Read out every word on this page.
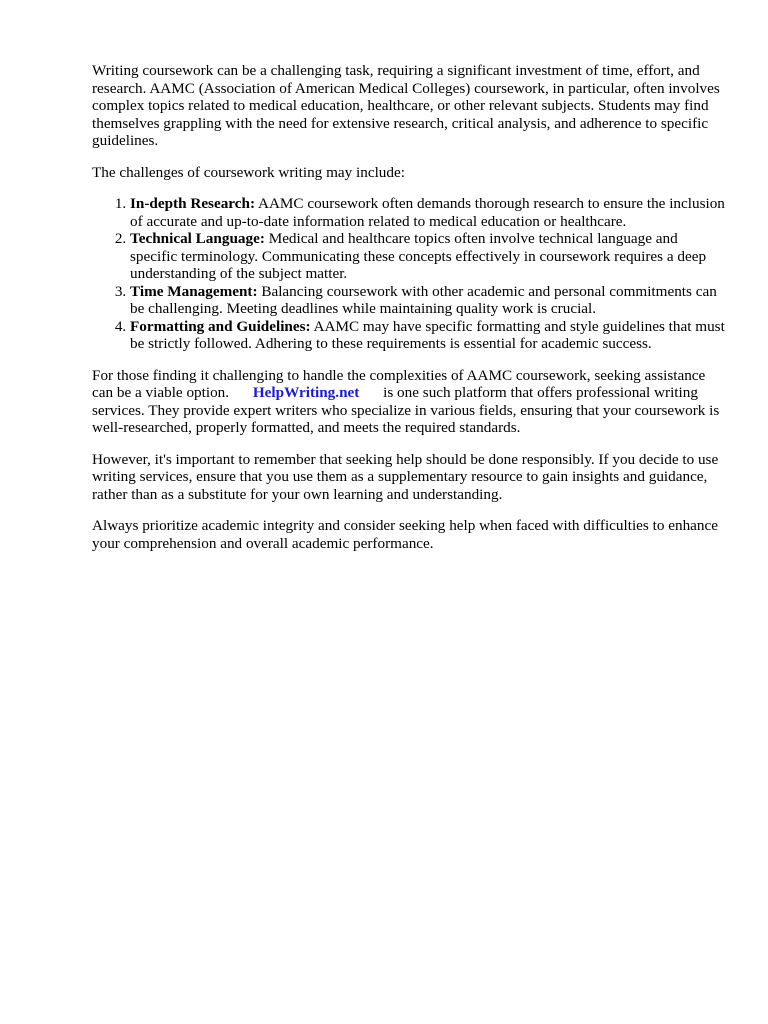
Writing coursework can be a challenging task, requiring a significant investment of time, effort, and research. AAMC (Association of American Medical Colleges) coursework, in particular, often involves complex topics related to medical education, healthcare, or other relevant subjects. Students may find themselves grappling with the need for extensive research, critical analysis, and adherence to specific guidelines.

The challenges of coursework writing may include:

1. In-depth Research: AAMC coursework often demands thorough research to ensure the inclusion of accurate and up-to-date information related to medical education or healthcare.
2. Technical Language: Medical and healthcare topics often involve technical language and specific terminology. Communicating these concepts effectively in coursework requires a deep understanding of the subject matter.
3. Time Management: Balancing coursework with other academic and personal commitments can be challenging. Meeting deadlines while maintaining quality work is crucial.
4. Formatting and Guidelines: AAMC may have specific formatting and style guidelines that must be strictly followed. Adhering to these requirements is essential for academic success.

For those finding it challenging to handle the complexities of AAMC coursework, seeking assistance can be a viable option. HelpWriting.net is one such platform that offers professional writing services. They provide expert writers who specialize in various fields, ensuring that your coursework is well-researched, properly formatted, and meets the required standards.

However, it's important to remember that seeking help should be done responsibly. If you decide to use writing services, ensure that you use them as a supplementary resource to gain insights and guidance, rather than as a substitute for your own learning and understanding.

Always prioritize academic integrity and consider seeking help when faced with difficulties to enhance your comprehension and overall academic performance.
